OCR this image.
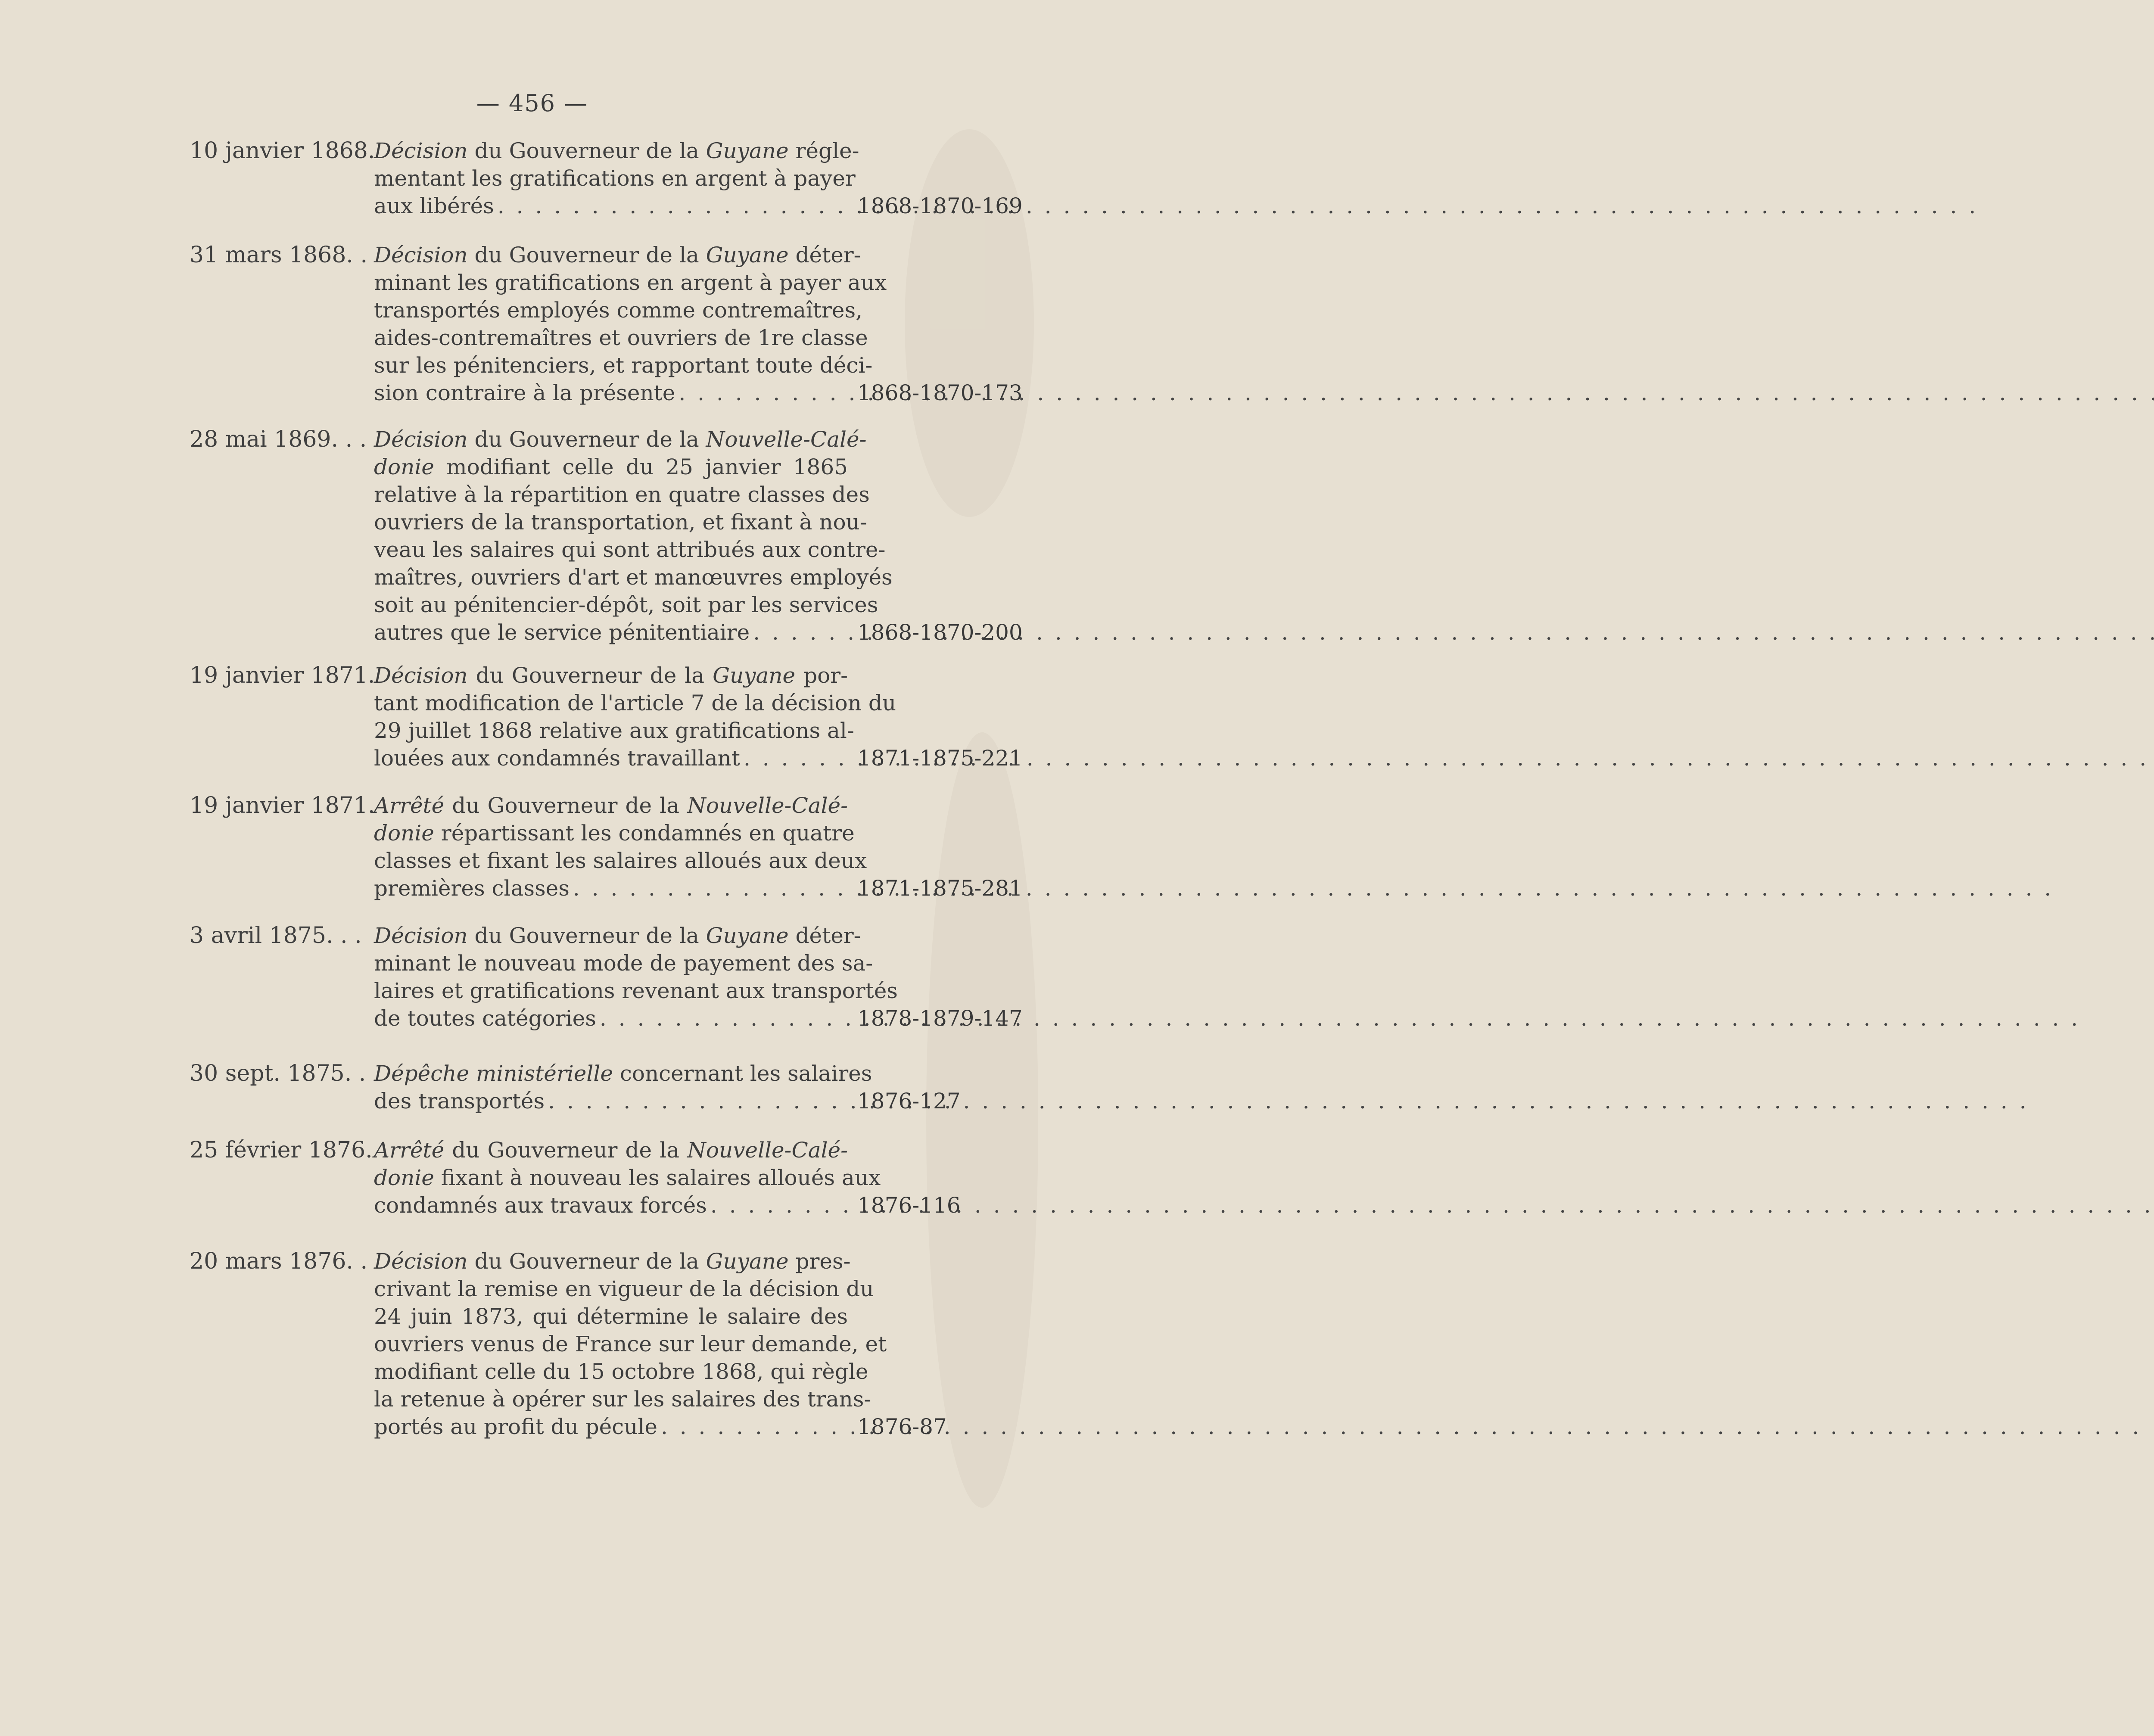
— 456 —
10 janvier 1868.
Décision du Gouverneur de la Guyane régle-
mentant les gratifications en argent à payer
aux libérés . . .	1868-1870-169
31 mars 1868. . Décision du Gouverneur de la Guyane déter-
minant les gratifications en argent à payer aux
transportés employés comme contremaîtres,
aides-contremaîtres et ouvriers de 1re classe
sur les pénitenciers, et rapportant toute déci-
sion contraire à la présente . . .	1868-1870-173
28 mai 1869. . . Décision du Gouverneur de la Nouvelle-Calé-
donie modifiant celle du 25 janvier 1865
relative à la répartition en quatre classes des
ouvriers de la transportation, et fixant à nou-
veau les salaires qui sont attribués aux contre-
maîtres, ouvriers d'art et manœuvres employés
soit au pénitencier-dépôt, soit par les services
autres que le service pénitentiaire . . .	1868-1870-200
19 janvier 1871.
Décision du Gouverneur de la Guyane por-
tant modification de l'article 7 de la décision du
29 juillet 1868 relative aux gratifications al-
louées aux condamnés travaillant . . .	1871-1875-221
19 janvier 1871.
Arrêté du Gouverneur de la Nouvelle-Calé-
donie répartissant les condamnés en quatre
classes et fixant les salaires alloués aux deux
premières classes . . .	1871-1875-281
3 avril 1875. . . Décision du Gouverneur de la Guyane déter-
minant le nouveau mode de payement des sa-
laires et gratifications revenant aux transportés
de toutes catégories . . .	1878-1879-147
30 sept. 1875. . Dépêche ministérielle concernant les salaires
des transportés . . .	1876-127
25 février 1876. Arrêté du Gouverneur de la Nouvelle-Calé-
donie fixant à nouveau les salaires alloués aux
condamnés aux travaux forcés . . .	1876-116
20 mars 1876. . Décision du Gouverneur de la Guyane pres-
crivant la remise en vigueur de la décision du
24 juin 1873, qui détermine le salaire des
ouvriers venus de France sur leur demande, et
modifiant celle du 15 octobre 1868, qui règle
la retenue à opérer sur les salaires des trans-
portés au profit du pécule . . .	1876-87
